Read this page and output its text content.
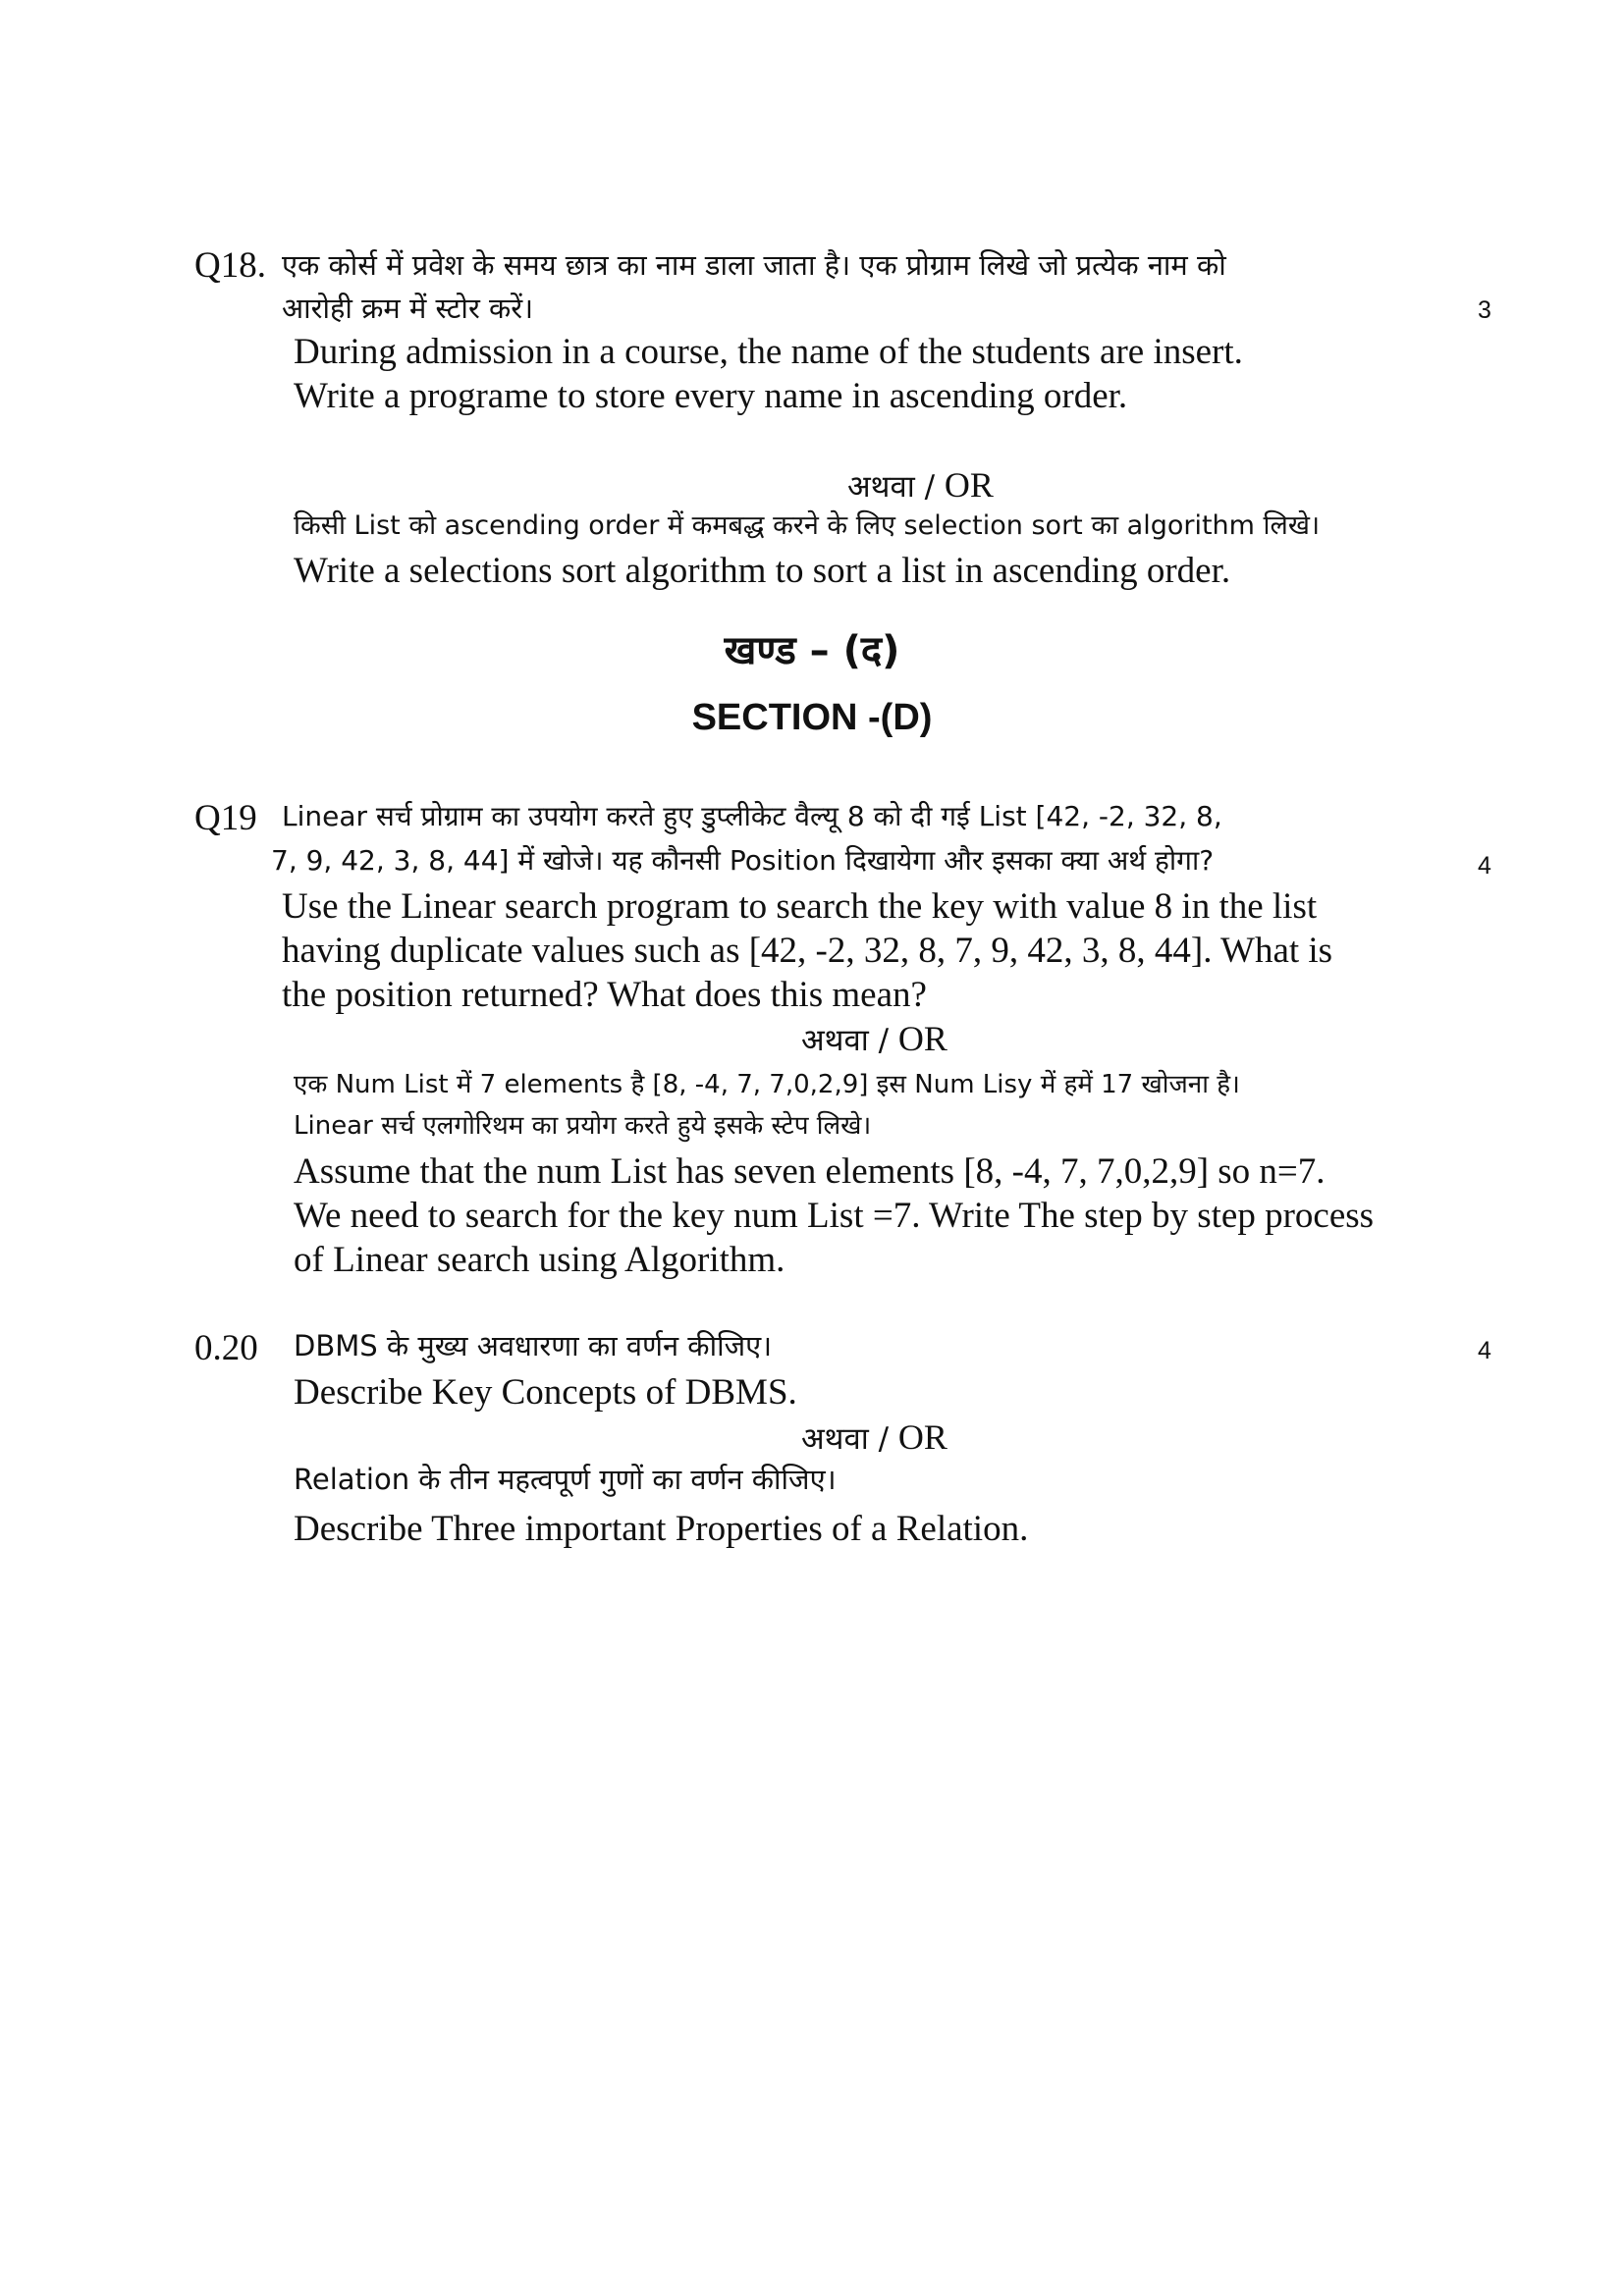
Q18. एक कोर्स में प्रवेश के समय छात्र का नाम डाला जाता है। एक प्रोग्राम लिखे जो प्रत्येक नाम को
आरोही क्रम में स्टोर करें।	3
During admission in a course, the name of the students are insert.
Write a programe to store every name in ascending order.
अथवा / OR
किसी List को ascending order में कमबद्ध करने के लिए selection sort का algorithm लिखे।
Write a selections sort algorithm to sort a list in ascending order.
खण्ड – (द)
SECTION -(D)
Q19 Linear सर्च प्रोग्राम का उपयोग करते हुए डुप्लीकेट वैल्यू 8 को दी गई List [42, -2, 32, 8,
7, 9, 42, 3, 8, 44] में खोजे। यह कौनसी Position दिखायेगा और इसका क्या अर्थ होगा?	4
Use the Linear search program to search the key with value 8 in the list
having duplicate values such as [42, -2, 32, 8, 7, 9, 42, 3, 8, 44]. What is
the position returned? What does this mean?
अथवा / OR
एक Num List में 7 elements है [8, -4, 7, 7,0,2,9] इस Num Lisy में हमें 17 खोजना है।
Linear सर्च एलगोरिथम का प्रयोग करते हुये इसके स्टेप लिखे।
Assume that the num List has seven elements [8, -4, 7, 7,0,2,9] so n=7.
We need to search for the key num List =7. Write The step by step process
of Linear search using Algorithm.
0.20 DBMS के मुख्य अवधारणा का वर्णन कीजिए।	4
Describe Key Concepts of DBMS.
अथवा / OR
Relation के तीन महत्वपूर्ण गुणों का वर्णन कीजिए।
Describe Three important Properties of a Relation.
